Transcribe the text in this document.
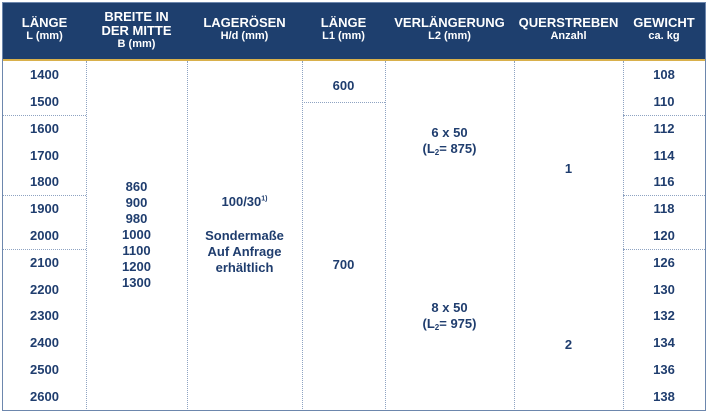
LÄNGE
L (mm)
BREITE IN
DER MITTE
B (mm)
LAGERÖSEN
H/d (mm)
LÄNGE
L1 (mm)
VERLÄNGERUNG
L2 (mm)
QUERSTREBEN
Anzahl
GEWICHT
ca. kg
1400
1500
1600
1700
1800
1900
2000
2100
2200
2300
2400
2500
2600
108
110
112
114
116
118
120
126
130
132
134
136
138
860
900
980
1000
1100
1200
1300
100/30$^{1)}$
Sondermaße
Auf Anfrage
erhältlich
600
700
6 x 50
$(L_2= 875)$
8 x 50
$(L_2= 975)$
1
2
